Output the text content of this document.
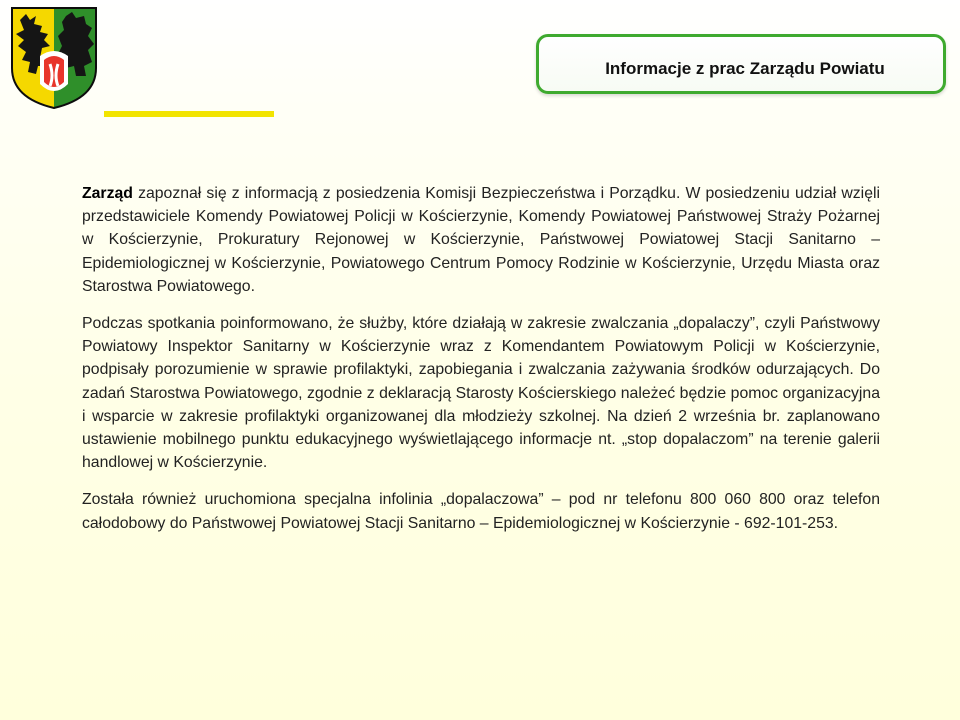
Informacje z prac Zarządu Powiatu

Zarząd zapoznał się z informacją z posiedzenia Komisji Bezpieczeństwa i Porządku. W posiedzeniu udział wzięli przedstawiciele Komendy Powiatowej Policji w Kościerzynie, Komendy Powiatowej Państwowej Straży Pożarnej w Kościerzynie, Prokuratury Rejonowej w Kościerzynie, Państwowej Powiatowej Stacji Sanitarno – Epidemiologicznej w Kościerzynie, Powiatowego Centrum Pomocy Rodzinie w Kościerzynie, Urzędu Miasta oraz Starostwa Powiatowego.

Podczas spotkania poinformowano, że służby, które działają w zakresie zwalczania „dopalaczy”, czyli Państwowy Powiatowy Inspektor Sanitarny w Kościerzynie wraz z Komendantem Powiatowym Policji w Kościerzynie, podpisały porozumienie w sprawie profilaktyki, zapobiegania i zwalczania zażywania środków odurzających. Do zadań Starostwa Powiatowego, zgodnie z deklaracją Starosty Kościerskiego należeć będzie pomoc organizacyjna i wsparcie w zakresie profilaktyki organizowanej dla młodzieży szkolnej. Na dzień 2 września br. zaplanowano ustawienie mobilnego punktu edukacyjnego wyświetlającego informacje nt. „stop dopalaczom” na terenie galerii handlowej w Kościerzynie.

Została również uruchomiona specjalna infolinia „dopalaczowa” – pod nr telefonu 800 060 800 oraz telefon całodobowy do Państwowej Powiatowej Stacji Sanitarno – Epidemiologicznej w Kościerzynie - 692-101-253.
